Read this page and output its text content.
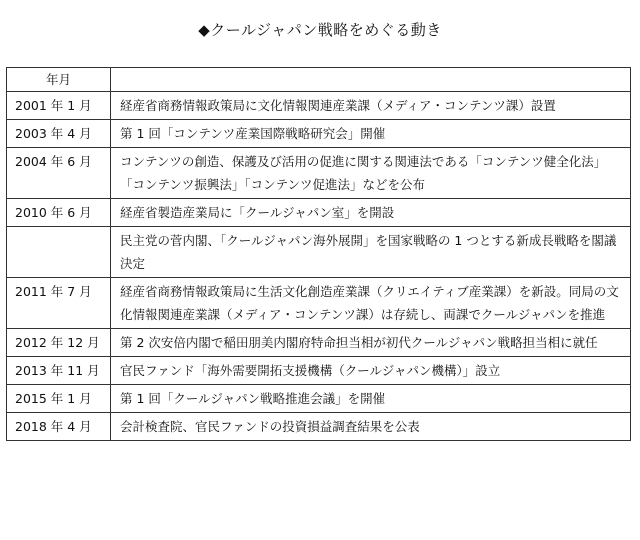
◆クールジャパン戦略をめぐる動き
年月	
2001 年 1 月	経産省商務情報政策局に文化情報関連産業課（メディア・コンテンツ課）設置
2003 年 4 月	第 1 回「コンテンツ産業国際戦略研究会」開催
2004 年 6 月	コンテンツの創造、保護及び活用の促進に関する関連法である「コンテンツ健全化法」「コンテンツ振興法」「コンテンツ促進法」などを公布
2010 年 6 月	経産省製造産業局に「クールジャパン室」を開設
	民主党の菅内閣、「クールジャパン海外展開」を国家戦略の 1 つとする新成長戦略を閣議決定
2011 年 7 月	経産省商務情報政策局に生活文化創造産業課（クリエイティブ産業課）を新設。同局の文化情報関連産業課（メディア・コンテンツ課）は存続し、両課でクールジャパンを推進
2012 年 12 月	第 2 次安倍内閣で稲田朋美内閣府特命担当相が初代クールジャパン戦略担当相に就任
2013 年 11 月	官民ファンド「海外需要開拓支援機構（クールジャパン機構）」設立
2015 年 1 月	第 1 回「クールジャパン戦略推進会議」を開催
2018 年 4 月	会計検査院、官民ファンドの投資損益調査結果を公表
